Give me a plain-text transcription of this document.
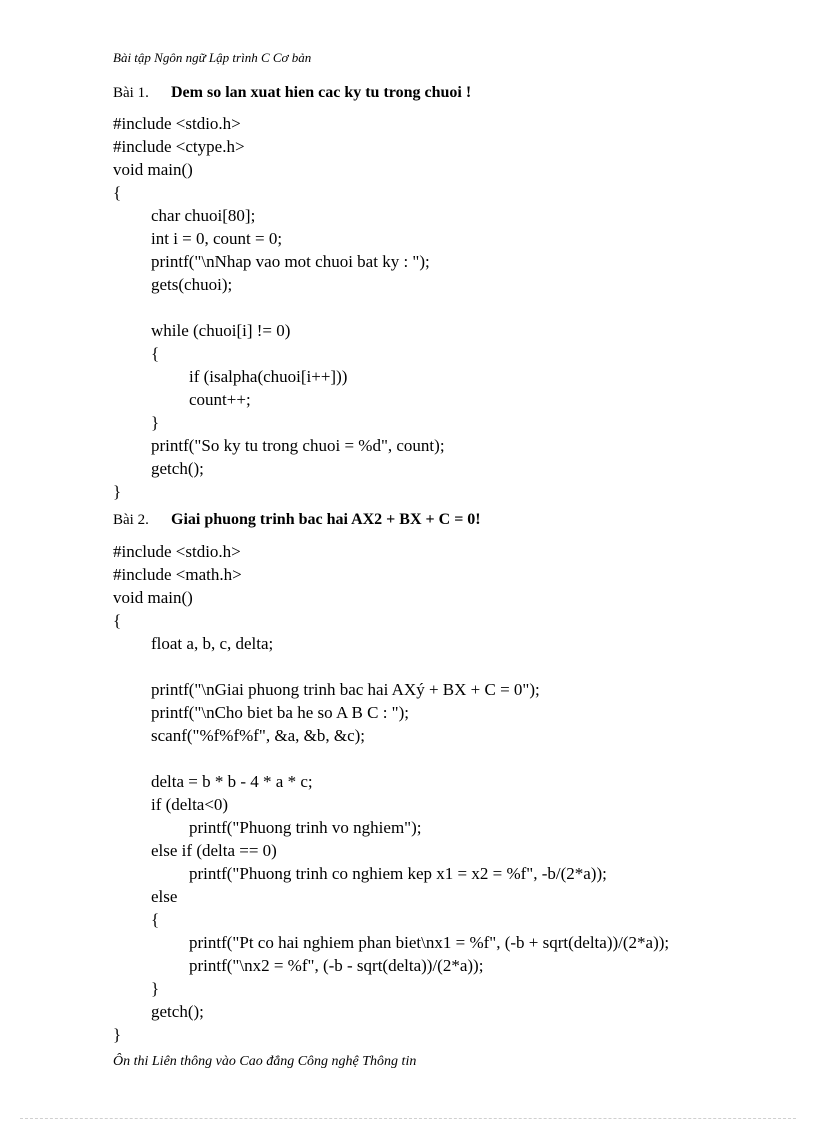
Bài tập Ngôn ngữ Lập trình C Cơ bản
Bài 1. Dem so lan xuat hien cac ky tu trong chuoi !
#include <stdio.h>
#include <ctype.h>
void main()
{
char chuoi[80];
int i = 0, count = 0;
printf("\nNhap vao mot chuoi bat ky : ");
gets(chuoi);
while (chuoi[i] != 0)
{
if (isalpha(chuoi[i++]))
count++;
}
printf("So ky tu trong chuoi = %d", count);
getch();
}
Bài 2. Giai phuong trinh bac hai AX2 + BX + C = 0!
#include <stdio.h>
#include <math.h>
void main()
{
float a, b, c, delta;
printf("\nGiai phuong trinh bac hai AXý + BX + C = 0");
printf("\nCho biet ba he so A B C : ");
scanf("%f%f%f", &a, &b, &c);
delta = b * b - 4 * a * c;
if (delta<0)
printf("Phuong trinh vo nghiem");
else if (delta == 0)
printf("Phuong trinh co nghiem kep x1 = x2 = %f", -b/(2*a));
else
{
printf("Pt co hai nghiem phan biet\nx1 = %f", (-b + sqrt(delta))/(2*a));
printf("\nx2 = %f", (-b - sqrt(delta))/(2*a));
}
getch();
}
Ôn thi Liên thông vào Cao đẳng Công nghệ Thông tin
